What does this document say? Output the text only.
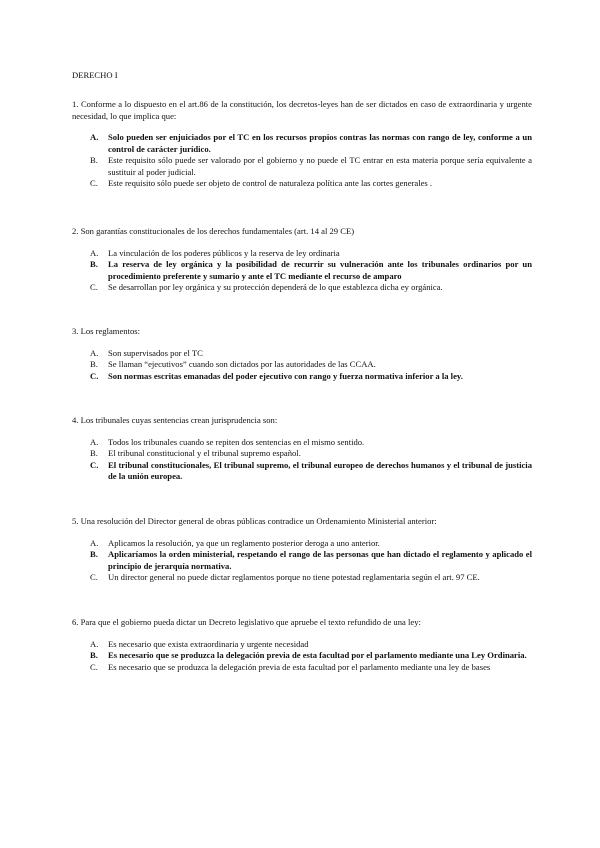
DERECHO I

1. Conforme a lo dispuesto en el art.86 de la constitución, los decretos-leyes han de ser dictados en caso de extraordinaria y urgente necesidad, lo que implica que:

A. Solo pueden ser enjuiciados por el TC en los recursos propios contras las normas con rango de ley, conforme a un control de carácter jurídico.
B. Este requisito sólo puede ser valorado por el gobierno y no puede el TC entrar en esta materia porque sería equivalente a sustituir al poder judicial.
C. Este requisito sólo puede ser objeto de control de naturaleza política ante las cortes generales .

2. Son garantías constitucionales de los derechos fundamentales (art. 14 al 29 CE)

A. La vinculación de los poderes públicos y la reserva de ley ordinaria
B. La reserva de ley orgánica y la posibilidad de recurrir su vulneración ante los tribunales ordinarios por un procedimiento preferente y sumario y ante el TC mediante el recurso de amparo
C. Se desarrollan por ley orgánica y su protección dependerá de lo que establezca dicha ey orgánica.

3. Los reglamentos:

A. Son supervisados por el TC
B. Se llaman “ejecutivos” cuando son dictados por las autoridades de las CCAA.
C. Son normas escritas emanadas del poder ejecutivo con rango y fuerza normativa inferior a la ley.

4. Los tribunales cuyas sentencias crean jurisprudencia son:

A. Todos los tribunales cuando se repiten dos sentencias en el mismo sentido.
B. El tribunal constitucional y el tribunal supremo español.
C. El tribunal constitucionales, El tribunal supremo, el tribunal europeo de derechos humanos y el tribunal de justicia de la unión europea.

5. Una resolución del Director general de obras públicas contradice un Ordenamiento Ministerial anterior:

A. Aplicamos la resolución, ya que un reglamento posterior deroga a uno anterior.
B. Aplicaríamos la orden ministerial, respetando el rango de las personas que han dictado el reglamento y aplicado el principio de jerarquía normativa.
C. Un director general no puede dictar reglamentos porque no tiene potestad reglamentaria según el art. 97 CE.

6. Para que el gobierno pueda dictar un Decreto legislativo que apruebe el texto refundido de una ley:

A. Es necesario que exista extraordinaria y urgente necesidad
B. Es necesario que se produzca la delegación previa de esta facultad por el parlamento mediante una Ley Ordinaria.
C. Es necesario que se produzca la delegación previa de esta facultad por el parlamento mediante una ley de bases
